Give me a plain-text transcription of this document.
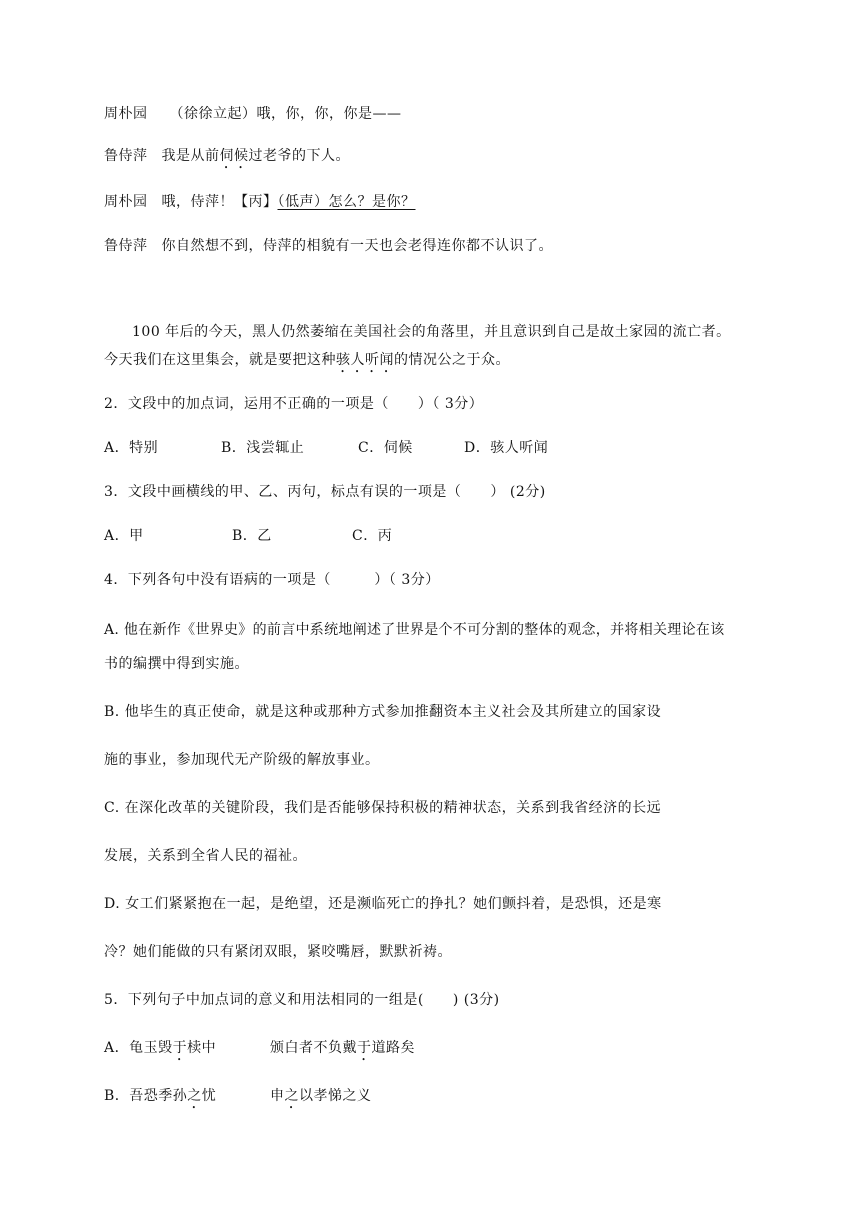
周朴园 （徐徐立起）哦，你，你，你是——
鲁侍萍 我是从前伺候过老爷的下人。
周朴园 哦，侍萍！【丙】（低声）怎么？是你？
鲁侍萍 你自然想不到，侍萍的相貌有一天也会老得连你都不认识了。
100 年后的今天，黑人仍然萎缩在美国社会的角落里，并且意识到自己是故土家园的流亡者。
今天我们在这里集会，就是要把这种骇人听闻的情况公之于众。
2．文段中的加点词，运用不正确的一项是（　　）（ 3分）
A．特别	B．浅尝辄止	C．伺候	D．骇人听闻
3．文段中画横线的甲、乙、丙句，标点有误的一项是（　　） (2分)
A．甲	B．乙	C．丙
4．下列各句中没有语病的一项是（　　　）（ 3分）
A. 他在新作《世界史》的前言中系统地阐述了世界是个不可分割的整体的观念，并将相关理论在该
书的编撰中得到实施。
B. 他毕生的真正使命，就是这种或那种方式参加推翻资本主义社会及其所建立的国家设
施的事业，参加现代无产阶级的解放事业。
C. 在深化改革的关键阶段，我们是否能够保持积极的精神状态，关系到我省经济的长远
发展，关系到全省人民的福祉。
D. 女工们紧紧抱在一起，是绝望，还是濒临死亡的挣扎？她们颤抖着，是恐惧，还是寒
冷？她们能做的只有紧闭双眼，紧咬嘴唇，默默祈祷。
5．下列句子中加点词的意义和用法相同的一组是(　　) (3分)
A．龟玉毁于椟中	颁白者不负戴于道路矣
B．吾恐季孙之忧	申之以孝悌之义
